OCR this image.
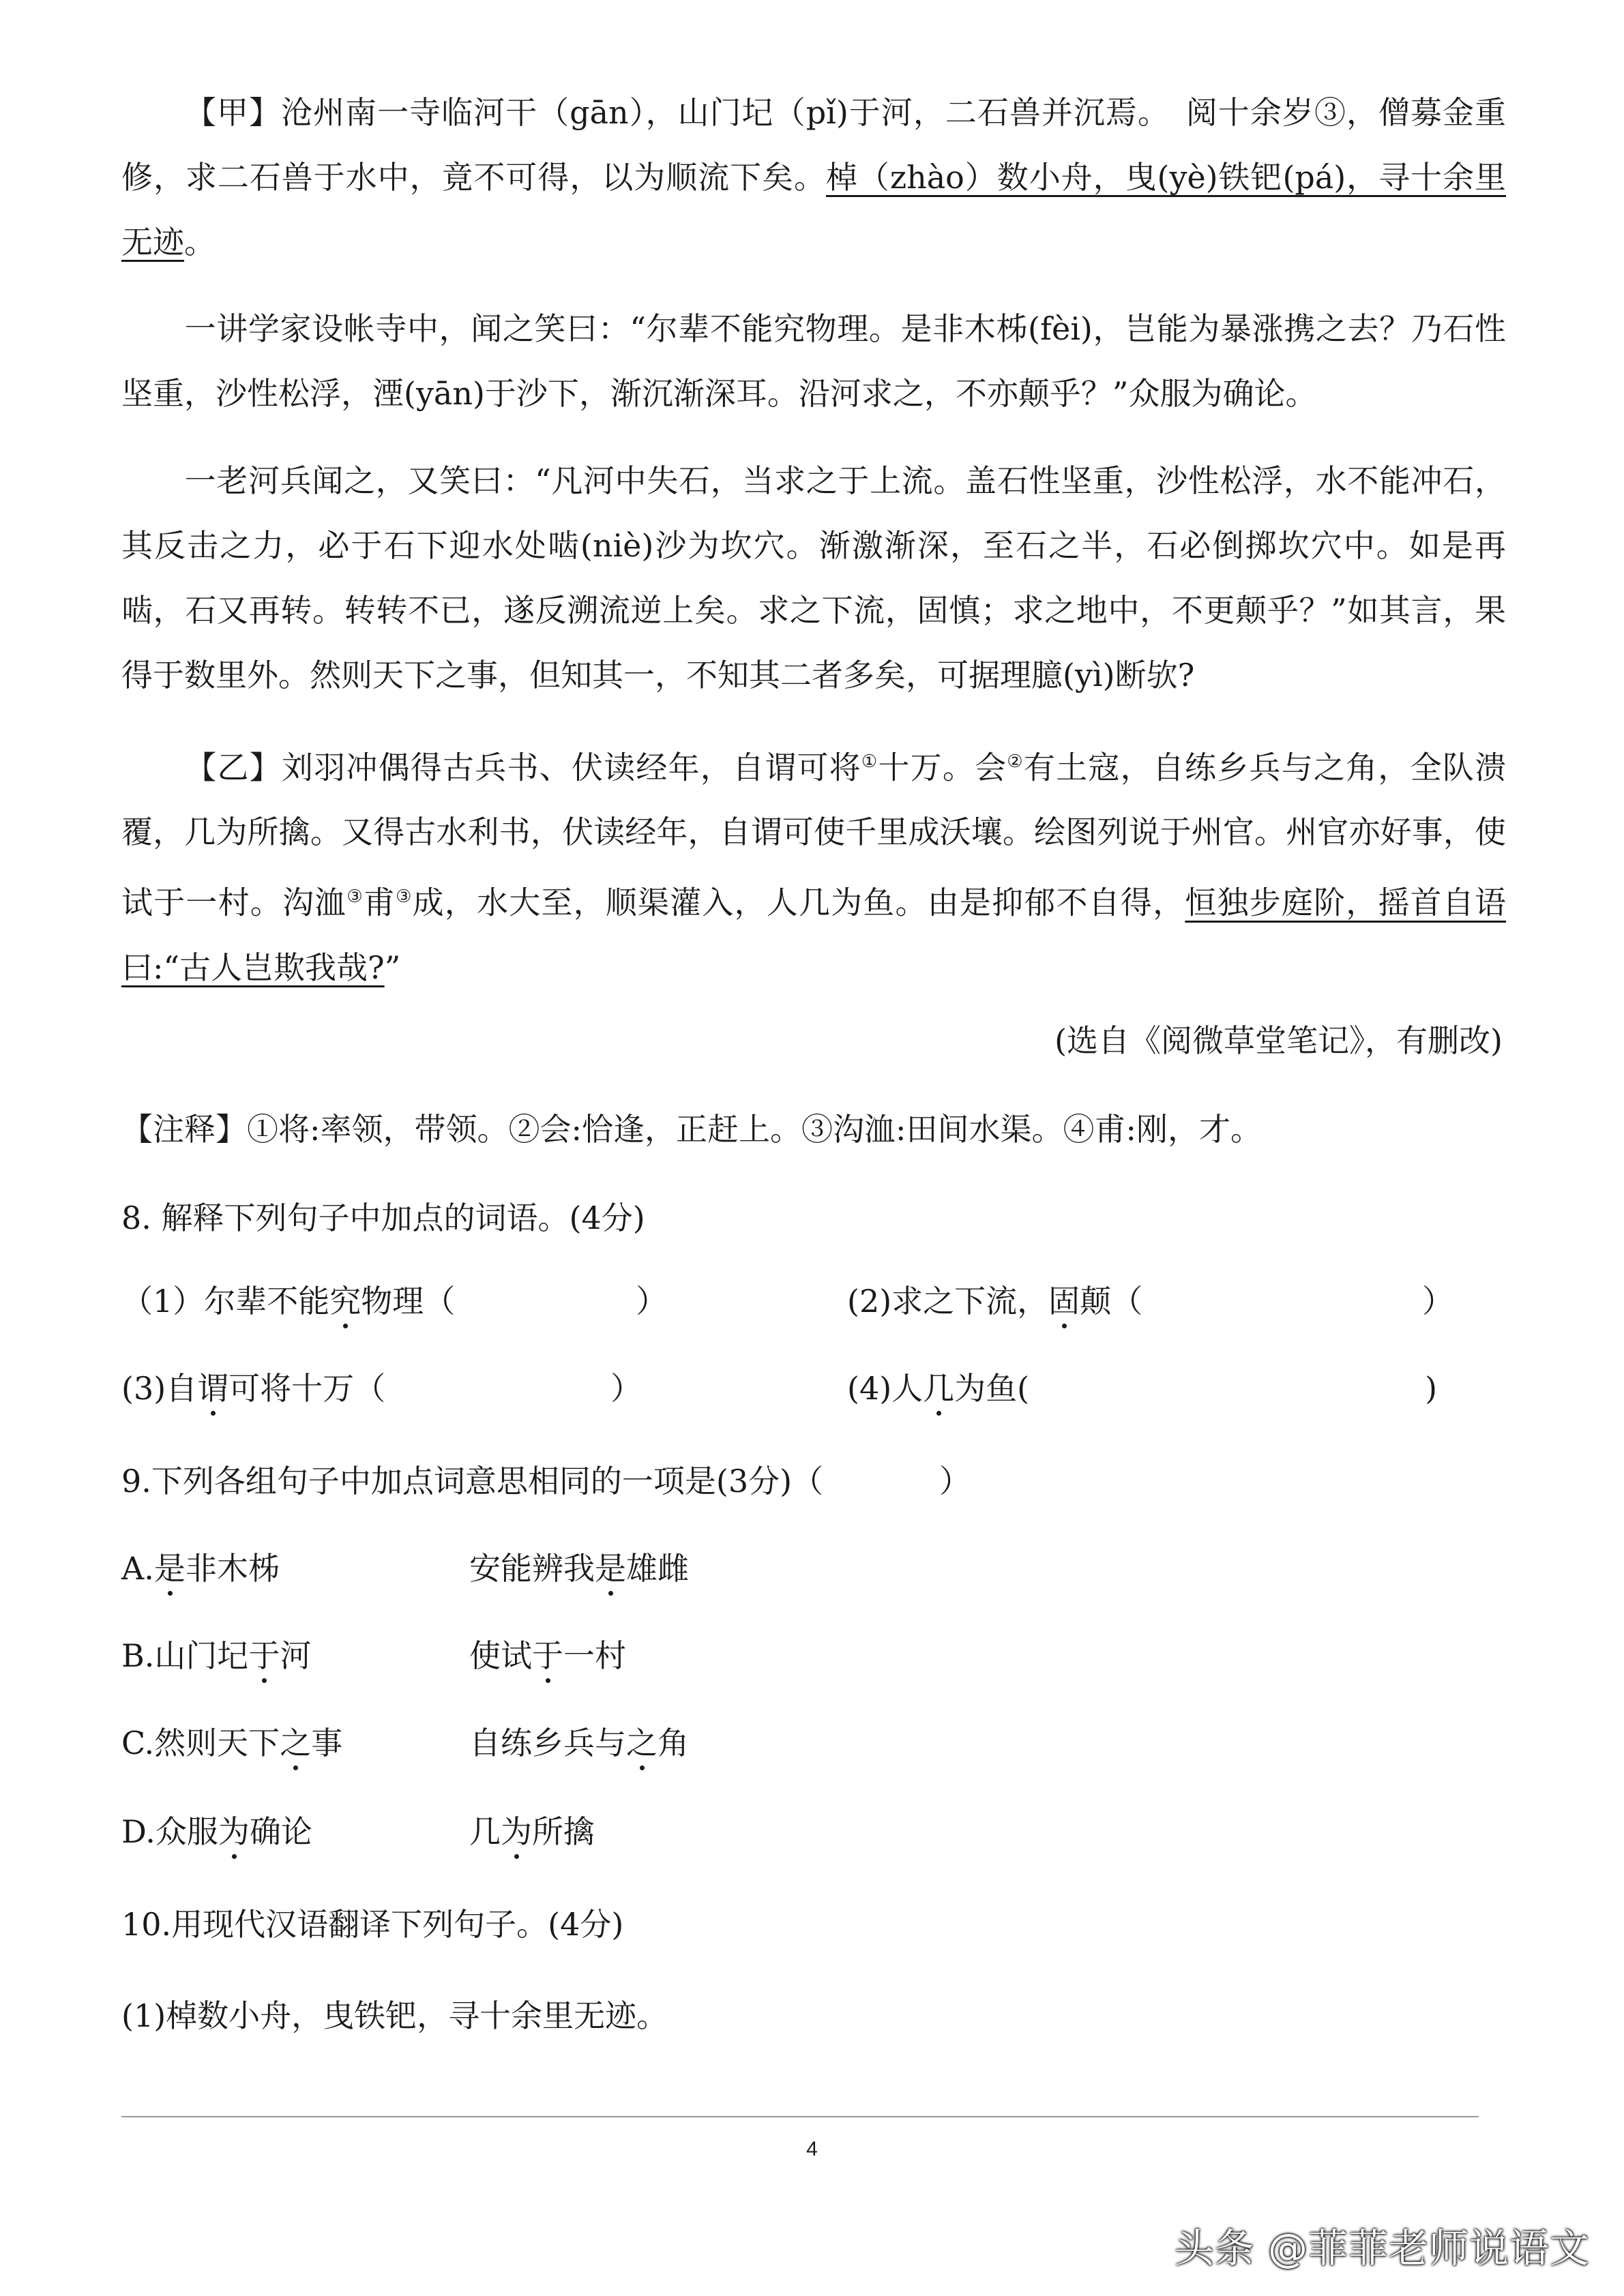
【甲】沧州南一寺临河干（gān），山门圮（pǐ)于河，二石兽并沉焉。　阅十余岁③，僧募金重修，求二石兽于水中，竟不可得，以为顺流下矣。棹（zhào）数小舟，曳(yè)铁钯(pá)，寻十余里无迹。

一讲学家设帐寺中，闻之笑曰：“尔辈不能究物理。是非木柹(fèi)，岂能为暴涨携之去？乃石性坚重，沙性松浮，湮(yān)于沙下，渐沉渐深耳。沿河求之，不亦颠乎？”众服为确论。

一老河兵闻之，又笑曰：“凡河中失石，当求之于上流。盖石性坚重，沙性松浮，水不能冲石，其反击之力，必于石下迎水处啮(niè)沙为坎穴。渐激渐深，至石之半，石必倒掷坎穴中。如是再啮，石又再转。转转不已，遂反溯流逆上矣。求之下流，固慎；求之地中，不更颠乎？”如其言，果得于数里外。然则天下之事，但知其一，不知其二者多矣，可据理臆(yì)断欤?

【乙】刘羽冲偶得古兵书、伏读经年，自谓可将①十万。会②有土寇，自练乡兵与之角，全队溃覆，几为所擒。又得古水利书，伏读经年，自谓可使千里成沃壤。绘图列说于州官。州官亦好事，使试于一村。沟洫③甫③成，水大至，顺渠灌入，人几为鱼。由是抑郁不自得，恒独步庭阶，摇首自语曰:“古人岂欺我哉?”

(选自《阅微草堂笔记》，有删改)
【注释】①将:率领，带领。②会:恰逢，正赶上。③沟洫:田间水渠。④甫:刚，才。
8. 解释下列句子中加点的词语。(4分)
（1）尔辈不能究物理（	）	(2)求之下流，固颠（	）
(3)自谓可将十万（	）	(4)人几为鱼(	)
9.下列各组句子中加点词意思相同的一项是(3分)（	）
A.是非木柹	安能辨我是雄雌
B.山门圮于河	使试于一村
C.然则天下之事	自练乡兵与之角
D.众服为确论	几为所擒
10.用现代汉语翻译下列句子。(4分)
(1)棹数小舟，曳铁钯，寻十余里无迹。
4
头条 @菲菲老师说语文
